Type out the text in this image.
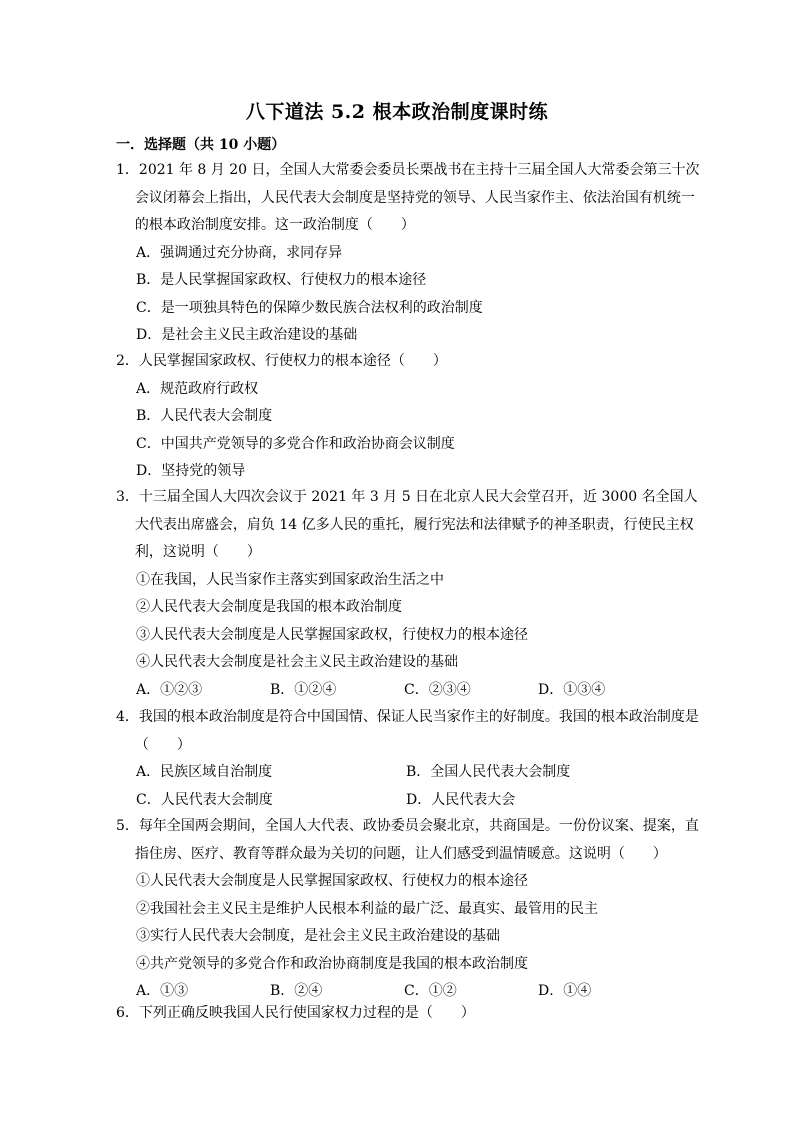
八下道法 5.2 根本政治制度课时练
一．选择题（共 10 小题）

1．2021 年 8 月 20 日，全国人大常委会委员长栗战书在主持十三届全国人大常委会第三十次会议闭幕会上指出，人民代表大会制度是坚持党的领导、人民当家作主、依法治国有机统一的根本政治制度安排。这一政治制度（　　）

A．强调通过充分协商，求同存异

B．是人民掌握国家政权、行使权力的根本途径

C．是一项独具特色的保障少数民族合法权利的政治制度

D．是社会主义民主政治建设的基础

2．人民掌握国家政权、行使权力的根本途径（　　）

A．规范政府行政权

B．人民代表大会制度

C．中国共产党领导的多党合作和政治协商会议制度

D．坚持党的领导

3．十三届全国人大四次会议于 2021 年 3 月 5 日在北京人民大会堂召开，近 3000 名全国人大代表出席盛会，肩负 14 亿多人民的重托，履行宪法和法律赋予的神圣职责，行使民主权利，这说明（　　）

①在我国，人民当家作主落实到国家政治生活之中

②人民代表大会制度是我国的根本政治制度

③人民代表大会制度是人民掌握国家政权，行使权力的根本途径

④人民代表大会制度是社会主义民主政治建设的基础

A．①②③	B．①②④	C．②③④	D．①③④

4．我国的根本政治制度是符合中国国情、保证人民当家作主的好制度。我国的根本政治制度是（　　）

A．民族区域自治制度	B．全国人民代表大会制度
C．人民代表大会制度	D．人民代表大会

5．每年全国两会期间，全国人大代表、政协委员会聚北京，共商国是。一份份议案、提案，直指住房、医疗、教育等群众最为关切的问题，让人们感受到温情暖意。这说明（　　）

①人民代表大会制度是人民掌握国家政权、行使权力的根本途径

②我国社会主义民主是维护人民根本利益的最广泛、最真实、最管用的民主

③实行人民代表大会制度，是社会主义民主政治建设的基础

④共产党领导的多党合作和政治协商制度是我国的根本政治制度

A．①③	B．②④	C．①②	D．①④

6．下列正确反映我国人民行使国家权力过程的是（　　）
